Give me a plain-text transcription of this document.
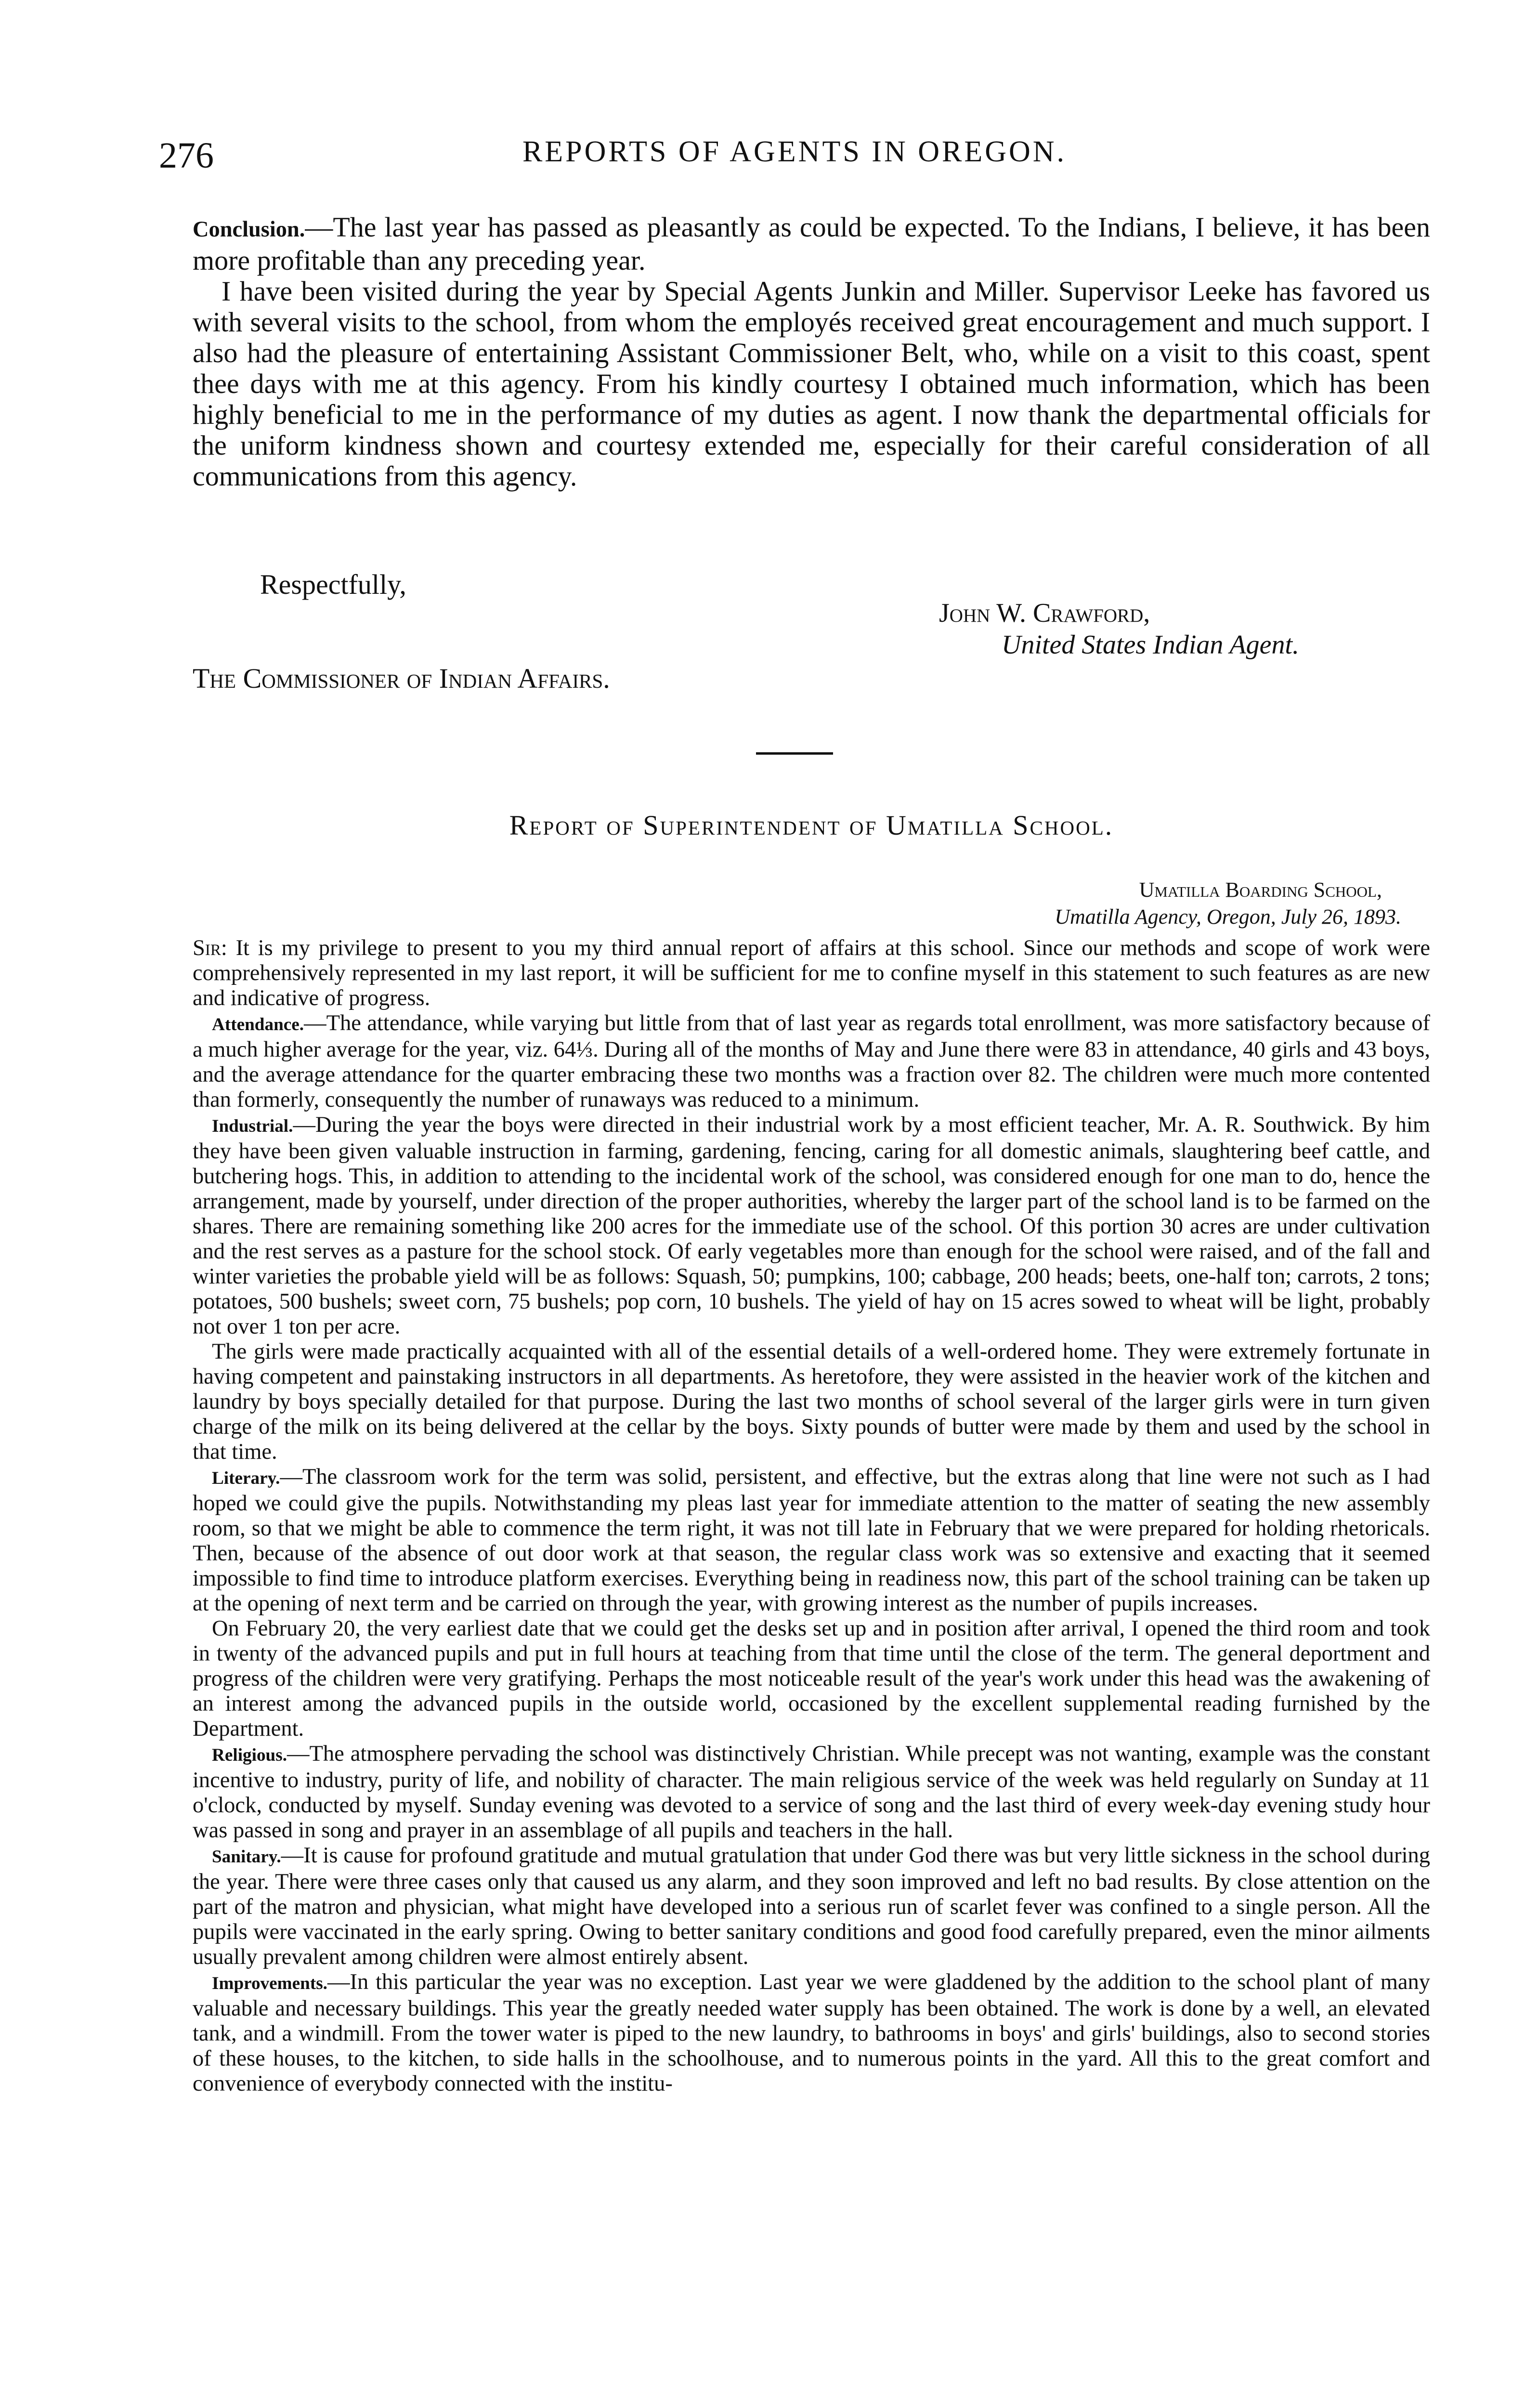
276	REPORTS OF AGENTS IN OREGON.

Conclusion.—The last year has passed as pleasantly as could be expected. To the Indians, I believe, it has been more profitable than any preceding year.

I have been visited during the year by Special Agents Junkin and Miller. Supervisor Leeke has favored us with several visits to the school, from whom the employés received great encouragement and much support. I also had the pleasure of entertaining Assistant Commissioner Belt, who, while on a visit to this coast, spent thee days with me at this agency. From his kindly courtesy I obtained much information, which has been highly beneficial to me in the performance of my duties as agent. I now thank the departmental officials for the uniform kindness shown and courtesy extended me, especially for their careful consideration of all communications from this agency.

Respectfully,
John W. Crawford,
United States Indian Agent.
The Commissioner of Indian Affairs.
Report of Superintendent of Umatilla School.
Umatilla Boarding School,
Umatilla Agency, Oregon, July 26, 1893.

Sir: It is my privilege to present to you my third annual report of affairs at this school. Since our methods and scope of work were comprehensively represented in my last report, it will be sufficient for me to confine myself in this statement to such features as are new and indicative of progress.

Attendance.—The attendance, while varying but little from that of last year as regards total enrollment, was more satisfactory because of a much higher average for the year, viz. 64⅓. During all of the months of May and June there were 83 in attendance, 40 girls and 43 boys, and the average attendance for the quarter embracing these two months was a fraction over 82. The children were much more contented than formerly, consequently the number of runaways was reduced to a minimum.

Industrial.—During the year the boys were directed in their industrial work by a most efficient teacher, Mr. A. R. Southwick. By him they have been given valuable instruction in farming, gardening, fencing, caring for all domestic animals, slaughtering beef cattle, and butchering hogs. This, in addition to attending to the incidental work of the school, was considered enough for one man to do, hence the arrangement, made by yourself, under direction of the proper authorities, whereby the larger part of the school land is to be farmed on the shares. There are remaining something like 200 acres for the immediate use of the school. Of this portion 30 acres are under cultivation and the rest serves as a pasture for the school stock. Of early vegetables more than enough for the school were raised, and of the fall and winter varieties the probable yield will be as follows: Squash, 50; pumpkins, 100; cabbage, 200 heads; beets, one-half ton; carrots, 2 tons; potatoes, 500 bushels; sweet corn, 75 bushels; pop corn, 10 bushels. The yield of hay on 15 acres sowed to wheat will be light, probably not over 1 ton per acre.

The girls were made practically acquainted with all of the essential details of a well-ordered home. They were extremely fortunate in having competent and painstaking instructors in all departments. As heretofore, they were assisted in the heavier work of the kitchen and laundry by boys specially detailed for that purpose. During the last two months of school several of the larger girls were in turn given charge of the milk on its being delivered at the cellar by the boys. Sixty pounds of butter were made by them and used by the school in that time.

Literary.—The classroom work for the term was solid, persistent, and effective, but the extras along that line were not such as I had hoped we could give the pupils. Notwithstanding my pleas last year for immediate attention to the matter of seating the new assembly room, so that we might be able to commence the term right, it was not till late in February that we were prepared for holding rhetoricals. Then, because of the absence of out door work at that season, the regular class work was so extensive and exacting that it seemed impossible to find time to introduce platform exercises. Everything being in readiness now, this part of the school training can be taken up at the opening of next term and be carried on through the year, with growing interest as the number of pupils increases.

On February 20, the very earliest date that we could get the desks set up and in position after arrival, I opened the third room and took in twenty of the advanced pupils and put in full hours at teaching from that time until the close of the term. The general deportment and progress of the children were very gratifying. Perhaps the most noticeable result of the year's work under this head was the awakening of an interest among the advanced pupils in the outside world, occasioned by the excellent supplemental reading furnished by the Department.

Religious.—The atmosphere pervading the school was distinctively Christian. While precept was not wanting, example was the constant incentive to industry, purity of life, and nobility of character. The main religious service of the week was held regularly on Sunday at 11 o'clock, conducted by myself. Sunday evening was devoted to a service of song and the last third of every week-day evening study hour was passed in song and prayer in an assemblage of all pupils and teachers in the hall.

Sanitary.—It is cause for profound gratitude and mutual gratulation that under God there was but very little sickness in the school during the year. There were three cases only that caused us any alarm, and they soon improved and left no bad results. By close attention on the part of the matron and physician, what might have developed into a serious run of scarlet fever was confined to a single person. All the pupils were vaccinated in the early spring. Owing to better sanitary conditions and good food carefully prepared, even the minor ailments usually prevalent among children were almost entirely absent.

Improvements.—In this particular the year was no exception. Last year we were gladdened by the addition to the school plant of many valuable and necessary buildings. This year the greatly needed water supply has been obtained. The work is done by a well, an elevated tank, and a windmill. From the tower water is piped to the new laundry, to bathrooms in boys' and girls' buildings, also to second stories of these houses, to the kitchen, to side halls in the schoolhouse, and to numerous points in the yard. All this to the great comfort and convenience of everybody connected with the institu-
